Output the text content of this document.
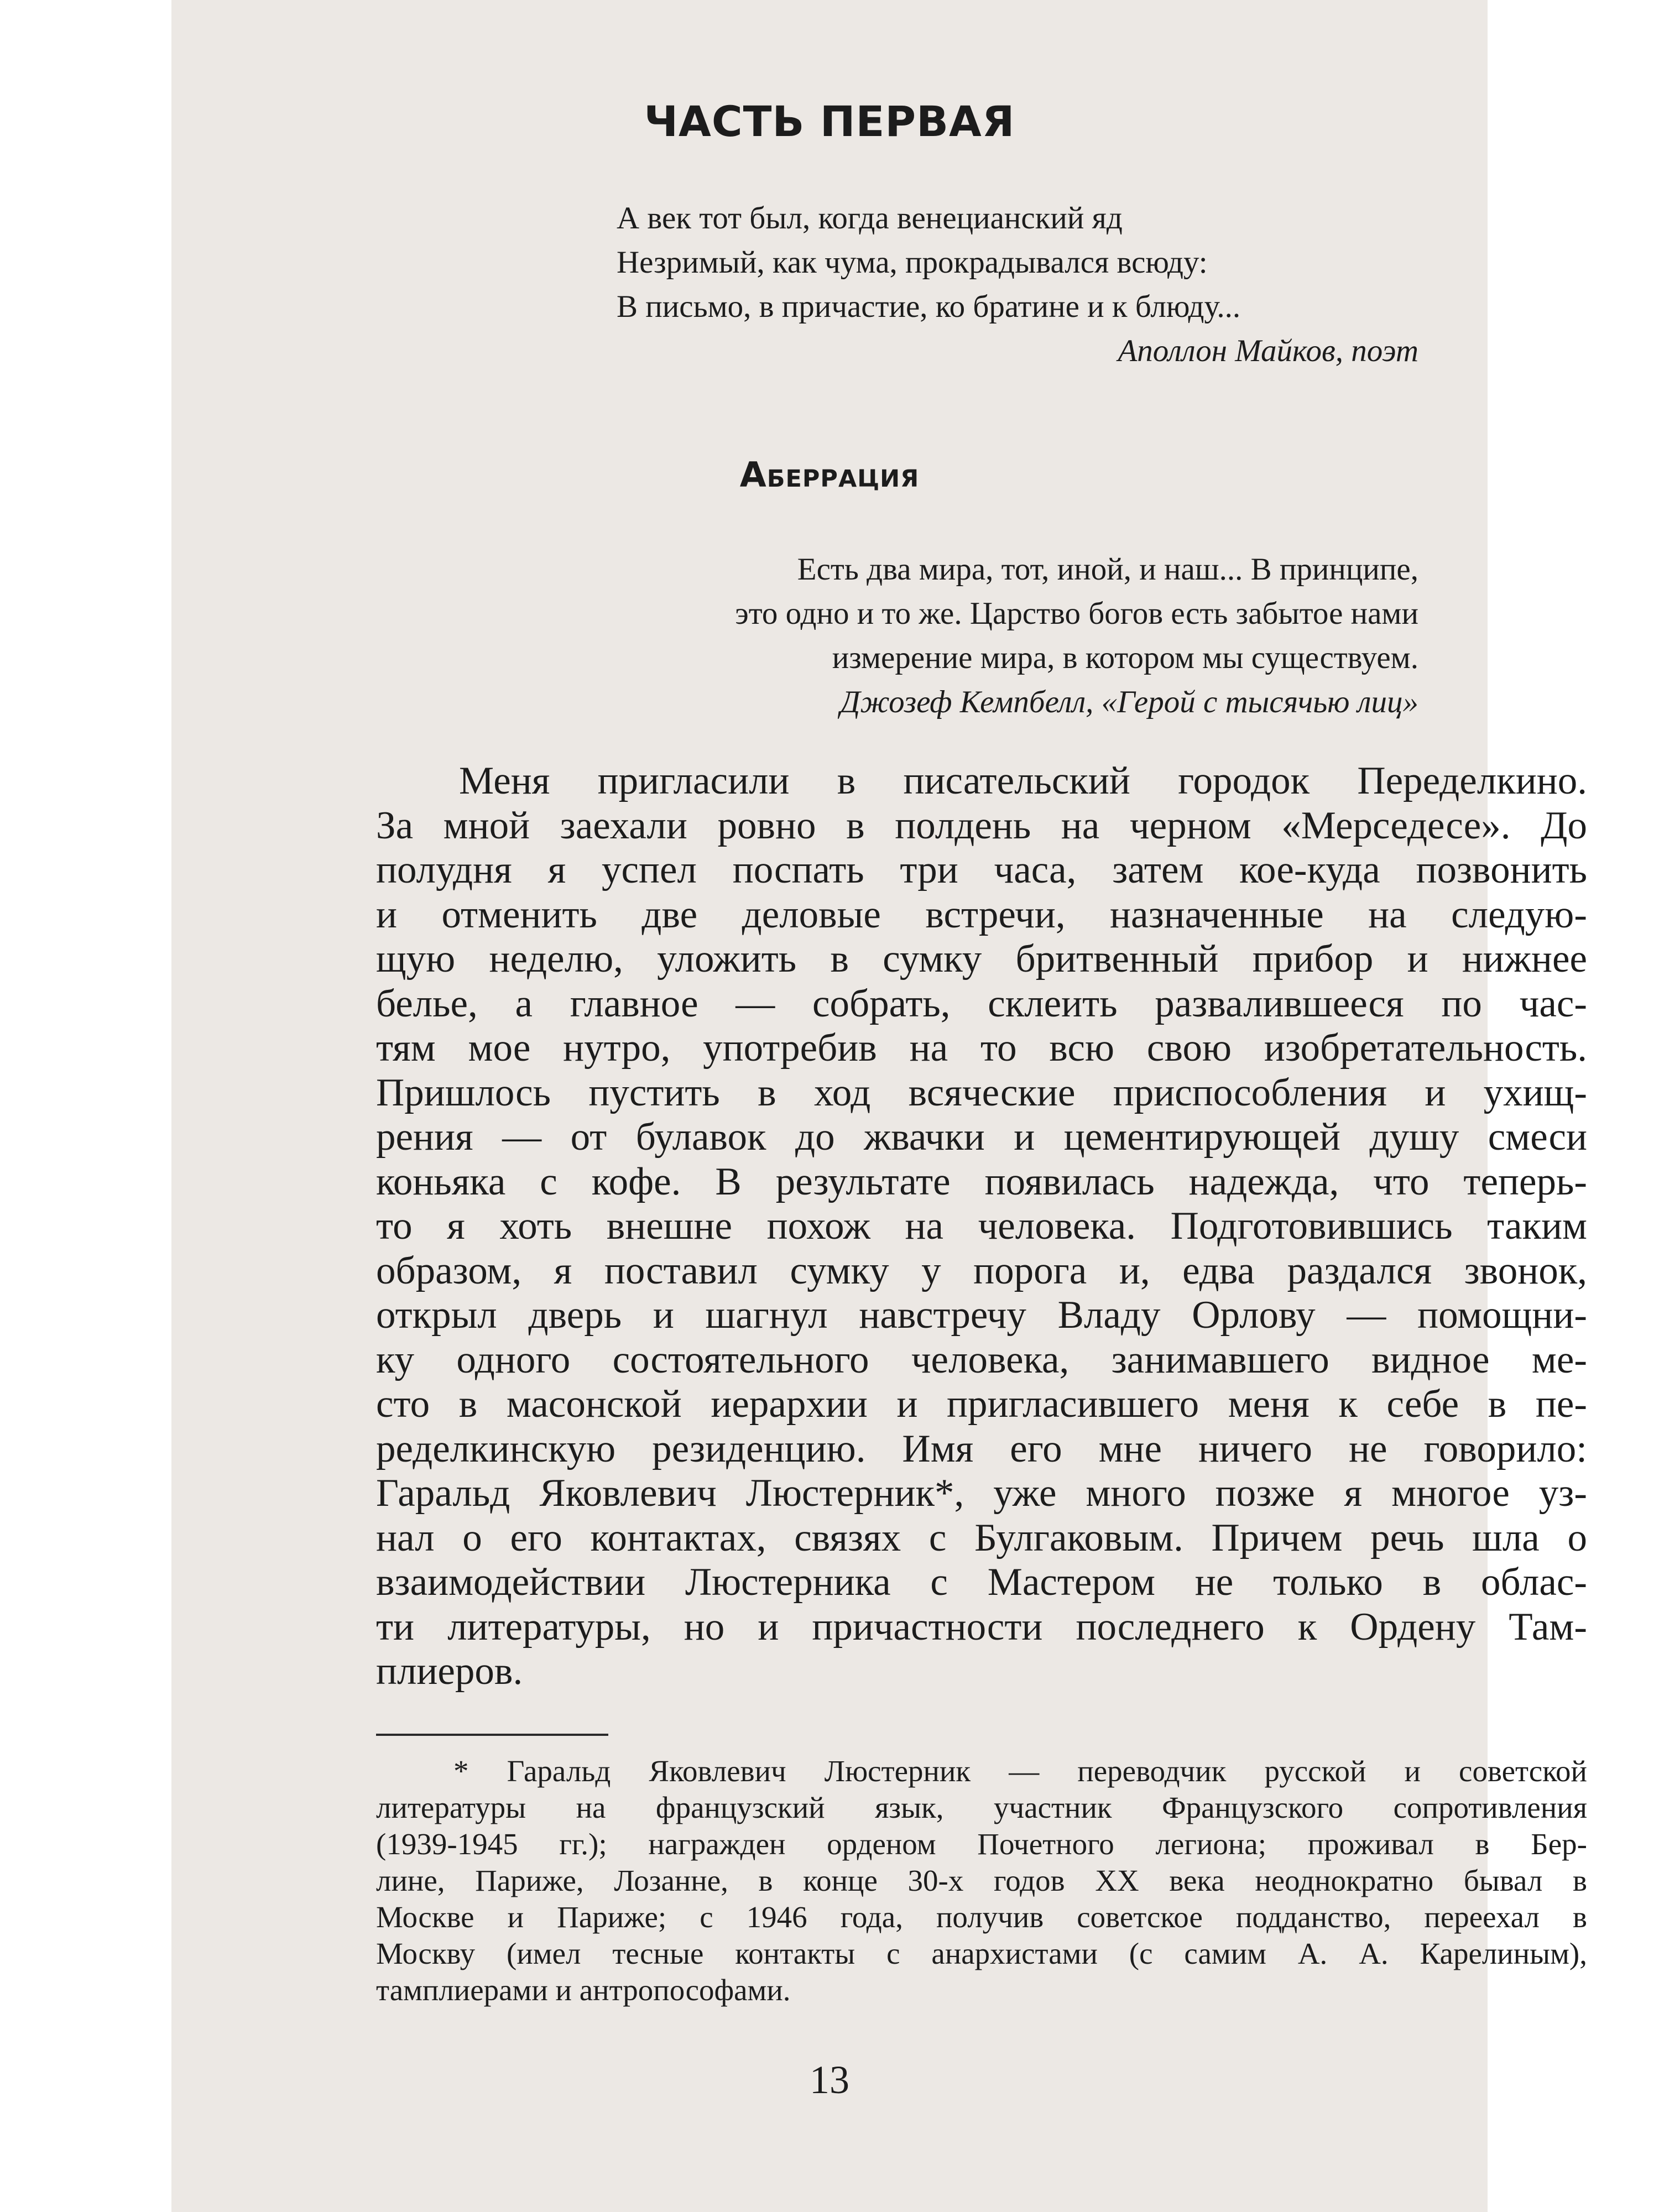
ЧАСТЬ ПЕРВАЯ
А век тот был, когда венецианский яд
Незримый, как чума, прокрадывался всюду:
В письмо, в причастие, ко братине и к блюду...
Аполлон Майков, поэт
Аберрация
Есть два мира, тот, иной, и наш... В принципе,
это одно и то же. Царство богов есть забытое нами
измерение мира, в котором мы существуем.
Джозеф Кемпбелл, «Герой с тысячью лиц»
Меня пригласили в писательский городок Переделкино.
За мной заехали ровно в полдень на черном «Мерседесе». До
полудня я успел поспать три часа, затем кое-куда позвонить
и отменить две деловые встречи, назначенные на следую-
щую неделю, уложить в сумку бритвенный прибор и нижнее
белье, а главное — собрать, склеить развалившееся по час-
тям мое нутро, употребив на то всю свою изобретательность.
Пришлось пустить в ход всяческие приспособления и ухищ-
рения — от булавок до жвачки и цементирующей душу смеси
коньяка с кофе. В результате появилась надежда, что теперь-
то я хоть внешне похож на человека. Подготовившись таким
образом, я поставил сумку у порога и, едва раздался звонок,
открыл дверь и шагнул навстречу Владу Орлову — помощни-
ку одного состоятельного человека, занимавшего видное ме-
сто в масонской иерархии и пригласившего меня к себе в пе-
ределкинскую резиденцию. Имя его мне ничего не говорило:
Гаральд Яковлевич Люстерник*, уже много позже я многое уз-
нал о его контактах, связях с Булгаковым. Причем речь шла о
взаимодействии Люстерника с Мастером не только в облас-
ти литературы, но и причастности последнего к Ордену Там-
плиеров.
* Гаральд Яковлевич Люстерник — переводчик русской и советской
литературы на французский язык, участник Французского сопротивления
(1939-1945 гг.); награжден орденом Почетного легиона; проживал в Бер-
лине, Париже, Лозанне, в конце 30-х годов XX века неоднократно бывал в
Москве и Париже; с 1946 года, получив советское подданство, переехал в
Москву (имел тесные контакты с анархистами (с самим А. А. Карелиным),
тамплиерами и антропософами.
13
